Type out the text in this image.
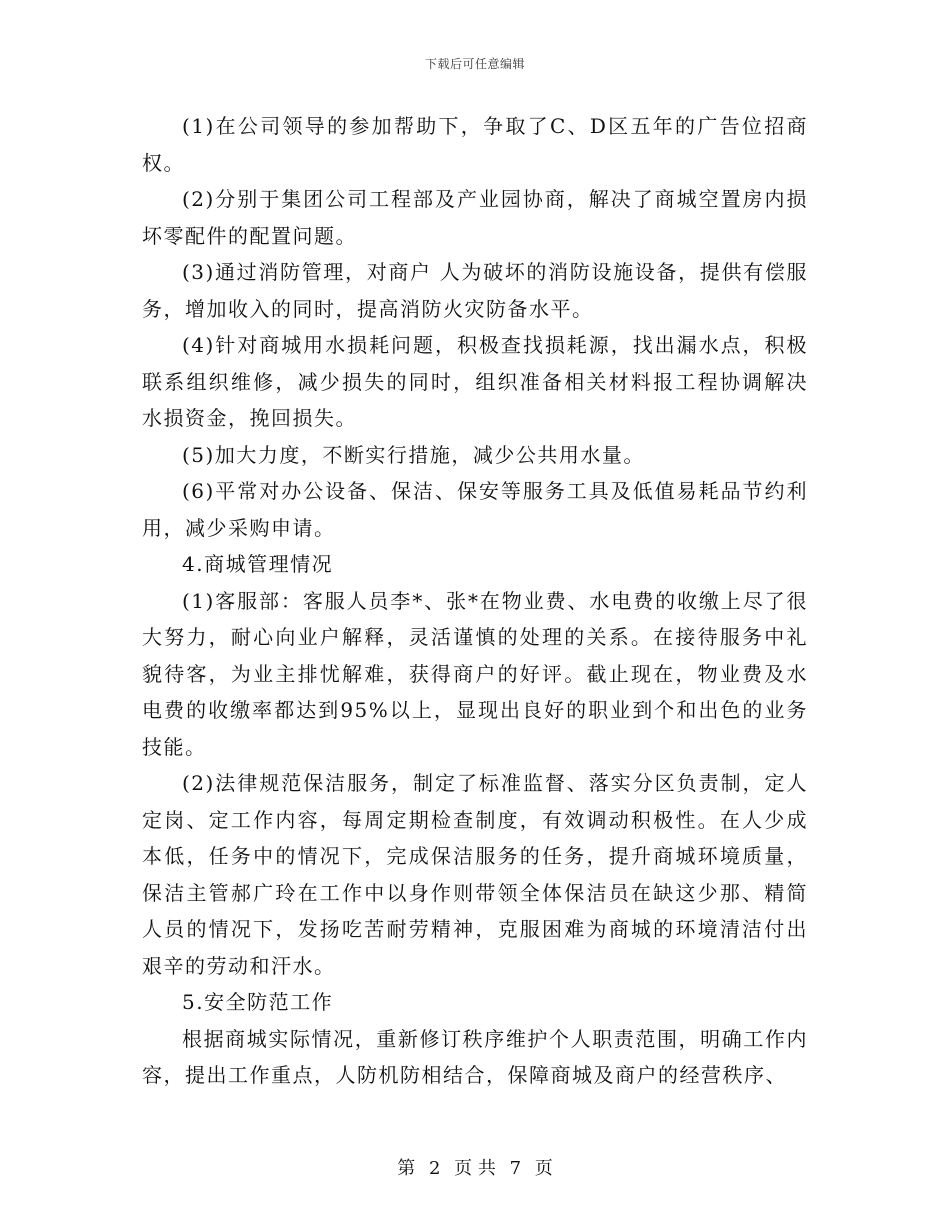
下载后可任意编辑

(1)在公司领导的参加帮助下，争取了C、D区五年的广告位招商权。

(2)分别于集团公司工程部及产业园协商，解决了商城空置房内损坏零配件的配置问题。

(3)通过消防管理，对商户 人为破坏的消防设施设备，提供有偿服务，增加收入的同时，提高消防火灾防备水平。

(4)针对商城用水损耗问题，积极查找损耗源，找出漏水点，积极联系组织维修，减少损失的同时，组织准备相关材料报工程协调解决水损资金，挽回损失。

(5)加大力度，不断实行措施，减少公共用水量。

(6)平常对办公设备、保洁、保安等服务工具及低值易耗品节约利用，减少采购申请。

4.商城管理情况

(1)客服部：客服人员李*、张*在物业费、水电费的收缴上尽了很大努力，耐心向业户解释，灵活谨慎的处理的关系。在接待服务中礼貌待客，为业主排忧解难，获得商户的好评。截止现在，物业费及水电费的收缴率都达到95%以上，显现出良好的职业到个和出色的业务技能。

(2)法律规范保洁服务，制定了标准监督、落实分区负责制，定人定岗、定工作内容，每周定期检查制度，有效调动积极性。在人少成本低，任务中的情况下，完成保洁服务的任务，提升商城环境质量，保洁主管郝广玲在工作中以身作则带领全体保洁员在缺这少那、精简人员的情况下，发扬吃苦耐劳精神，克服困难为商城的环境清洁付出艰辛的劳动和汗水。

5.安全防范工作

根据商城实际情况，重新修订秩序维护个人职责范围，明确工作内容，提出工作重点，人防机防相结合，保障商城及商户的经营秩序、

第 2 页 共 7 页
